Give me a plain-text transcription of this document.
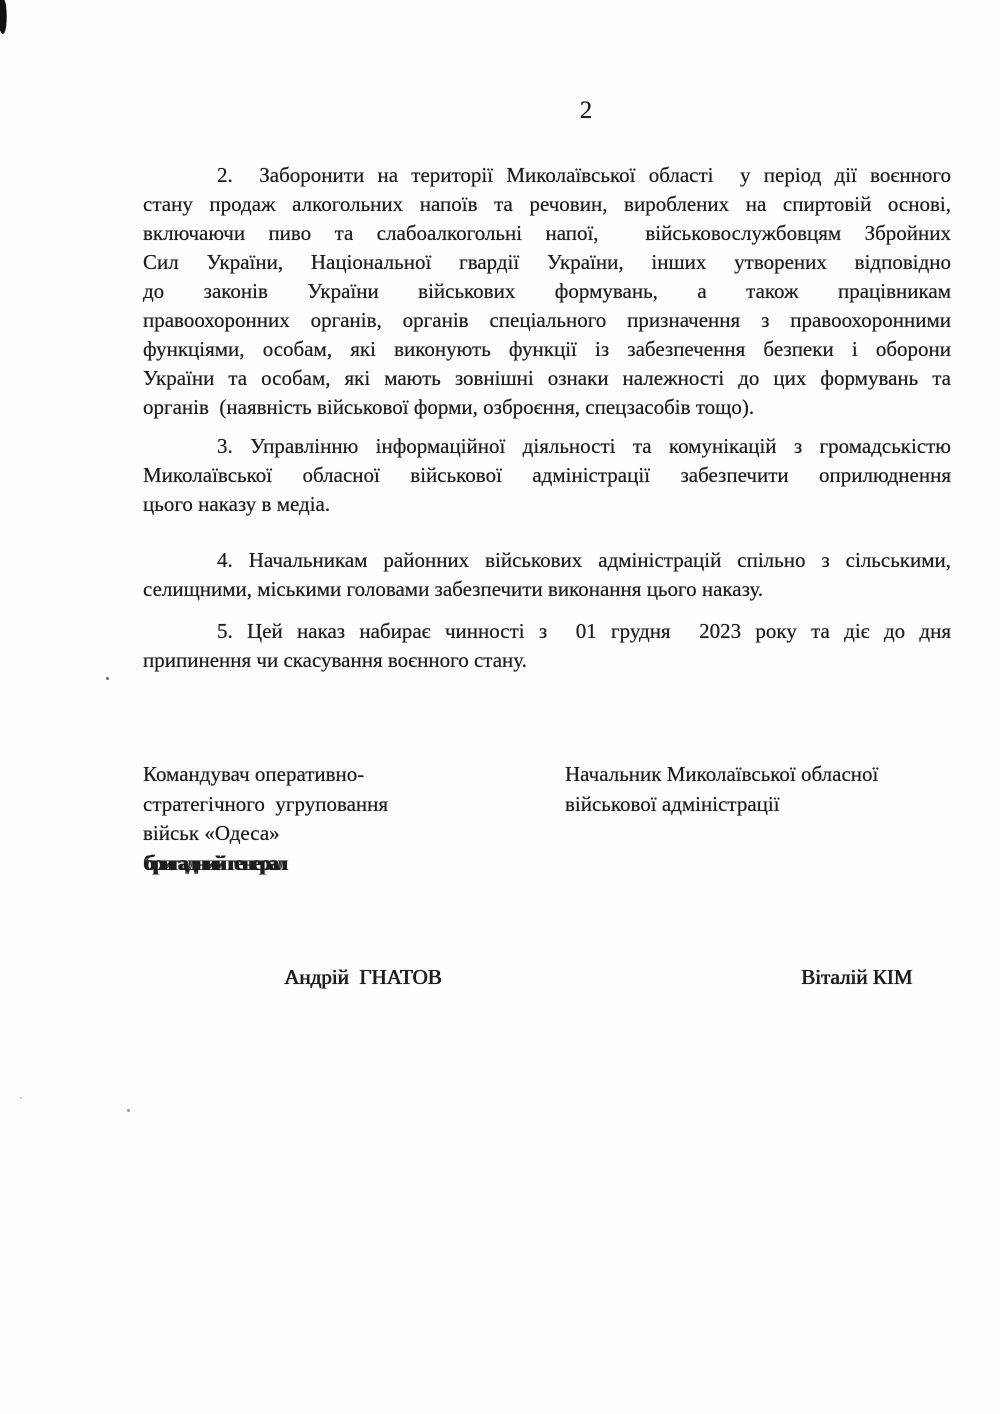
2
2.  Заборонити на території Миколаївської області  у період дії воєнного
стану продаж алкогольних напоїв та речовин, вироблених на спиртовій основі,
включаючи пиво та слабоалкогольні напої,  військовослужбовцям Збройних
Сил України, Національної гвардії України, інших утворених відповідно
до законів України військових формувань, а також працівникам
правоохоронних органів, органів спеціального призначення з правоохоронними
функціями, особам, які виконують функції із забезпечення безпеки і оборони
України та особам, які мають зовнішні ознаки належності до цих формувань та
органів  (наявність військової форми, озброєння, спецзасобів тощо).
3. Управлінню інформаційної діяльності та комунікацій з громадськістю
Миколаївської обласної військової адміністрації забезпечити оприлюднення
цього наказу в медіа.
4. Начальникам районних військових адміністрацій спільно з сільськими,
селищними, міськими головами забезпечити виконання цього наказу.
5. Цей наказ набирає чинності з  01 грудня  2023 року та діє до дня
припинення чи скасування воєнного стану.
Командувач оперативно-
стратегічного  угруповання
військ «Одеса»
бригадний генерал
Начальник Миколаївської обласної
військової адміністрації
Андрій  ГНАТОВ	Віталій КІМ
